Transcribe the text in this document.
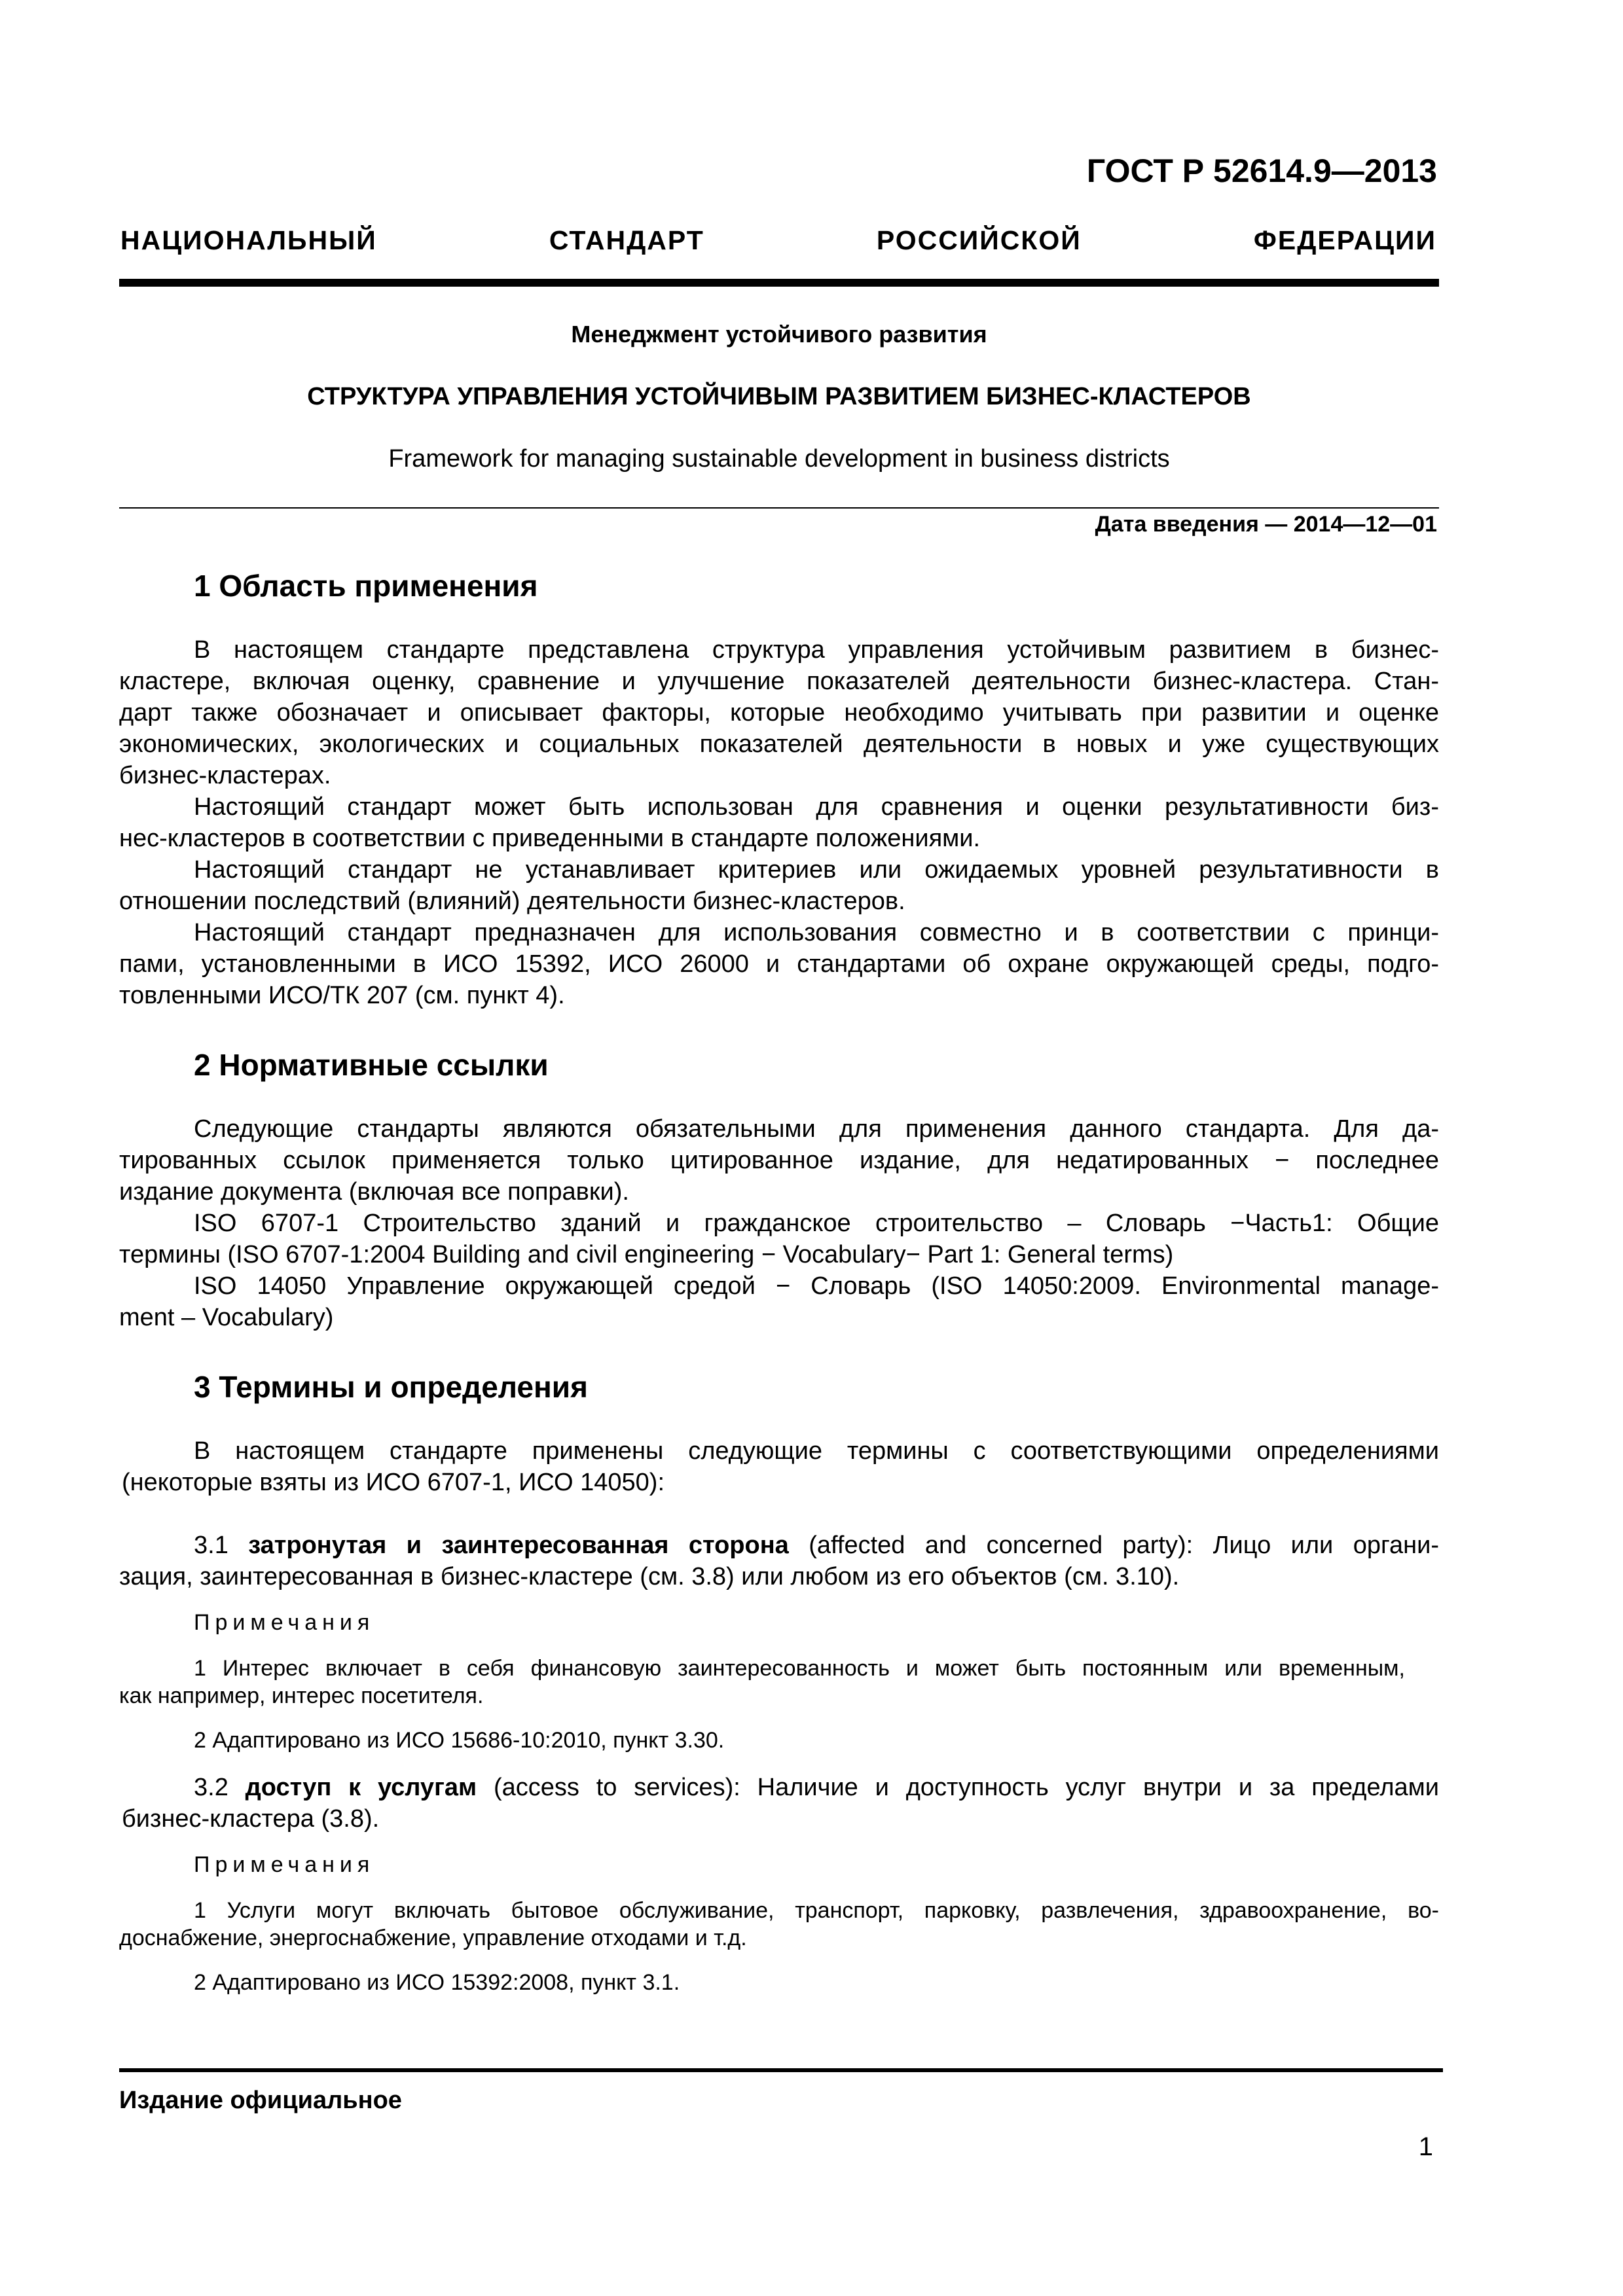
ГОСТ Р 52614.9—2013
НАЦИОНАЛЬНЫЙ СТАНДАРТ РОССИЙСКОЙ ФЕДЕРАЦИИ
Менеджмент устойчивого развития
СТРУКТУРА УПРАВЛЕНИЯ УСТОЙЧИВЫМ РАЗВИТИЕМ БИЗНЕС-КЛАСТЕРОВ
Framework for managing sustainable development in business districts
Дата введения — 2014—12—01
1 Область применения
В настоящем стандарте представлена структура управления устойчивым развитием в бизнес-
кластере, включая оценку, сравнение и улучшение показателей деятельности бизнес-кластера. Стан-
дарт также обозначает и описывает факторы, которые необходимо учитывать при развитии и оценке
экономических, экологических и социальных показателей деятельности в новых и уже существующих
бизнес-кластерах.
Настоящий стандарт может быть использован для сравнения и оценки результативности биз-
нес-кластеров в соответствии с приведенными в стандарте положениями.
Настоящий стандарт не устанавливает критериев или ожидаемых уровней результативности в
отношении последствий (влияний) деятельности бизнес-кластеров.
Настоящий стандарт предназначен для использования совместно и в соответствии с принци-
пами, установленными в ИСО 15392, ИСО 26000 и стандартами об охране окружающей среды, подго-
товленными ИСО/ТК 207 (см. пункт 4).
2 Нормативные ссылки
Следующие стандарты являются обязательными для применения данного стандарта. Для да-
тированных ссылок применяется только цитированное издание, для недатированных − последнее
издание документа (включая все поправки).
ISO 6707-1 Строительство зданий и гражданское строительство – Словарь −Часть1: Общие
термины (ISO 6707-1:2004 Building and civil engineering − Vocabulary− Part 1: General terms)
ISO 14050 Управление окружающей средой − Словарь (ISO 14050:2009. Environmental manage-
ment – Vocabulary)
3 Термины и определения
В настоящем стандарте применены следующие термины с соответствующими определениями
(некоторые взяты из ИСО 6707-1, ИСО 14050):
3.1 затронутая и заинтересованная сторона (affected and concerned party): Лицо или органи-
зация, заинтересованная в бизнес-кластере (см. 3.8) или любом из его объектов (см. 3.10).
Примечания
1 Интерес включает в себя финансовую заинтересованность и может быть постоянным или временным,
как например, интерес посетителя.
2 Адаптировано из ИСО 15686-10:2010, пункт 3.30.
3.2 доступ к услугам (access to services): Наличие и доступность услуг внутри и за пределами
бизнес-кластера (3.8).
Примечания
1 Услуги могут включать бытовое обслуживание, транспорт, парковку, развлечения, здравоохранение, во-
доснабжение, энергоснабжение, управление отходами и т.д.
2 Адаптировано из ИСО 15392:2008, пункт 3.1.
Издание официальное
1
